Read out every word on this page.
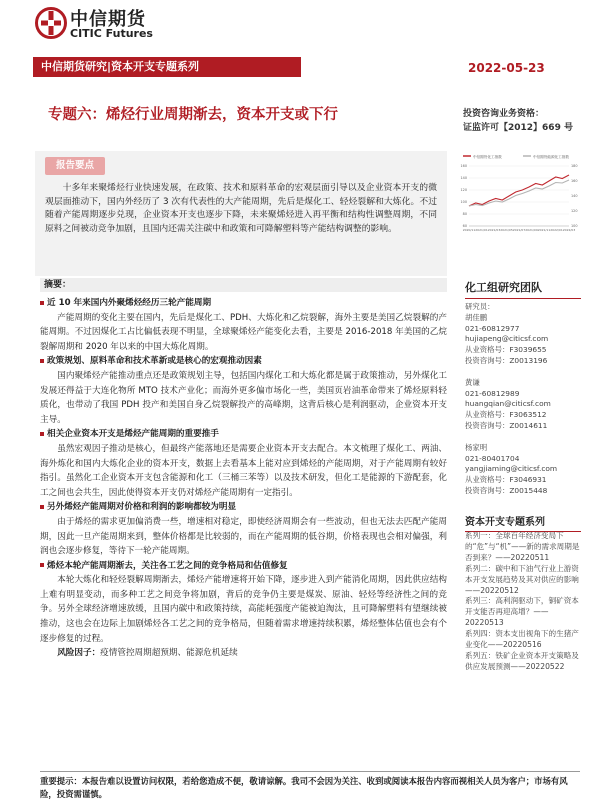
中信期货
CITIC Futures
中信期货研究|资本开支专题系列	2022-05-23
专题六：烯烃行业周期渐去，资本开支或下行	投资咨询业务资格：
证监许可【2012】669 号
报告要点
十多年来聚烯烃行业快速发展，在政策、技术和原料革命的宏观层面引导以及企业资本开支的微观层面推动下，国内外经历了 3 次有代表性的大产能周期，先后是煤化工、轻烃裂解和大炼化。不过随着产能周期逐步兑现，企业资本开支也逐步下降，未来聚烯烃进入再平衡和结构性调整周期，不同原料之间被动竞争加剧，且国内还需关注碳中和政策和可降解塑料等产能结构调整的影响。
中信期货化工指数	中信期货能源化工指数
160
140
120
100
80
60
180
160
140
120
100
2020/11 2021/01 2021/03 2021/05 2021/07 2021/09 2021/11 2022/01 2022/03
摘要：
近 10 年来国内外聚烯烃经历三轮产能周期
产能周期的变化主要在国内，先后是煤化工、PDH、大炼化和乙烷裂解，海外主要是美国乙烷裂解的产能周期。不过因煤化工占比偏低表现不明显，全球聚烯烃产能变化去看，主要是 2016-2018 年美国的乙烷裂解周期和 2020 年以来的中国大炼化周期。
政策规划、原料革命和技术革新或是核心的宏观推动因素
国内聚烯烃产能推动重点还是政策规划主导，包括国内煤化工和大炼化都是属于政策推动，另外煤化工发展还得益于大连化物所 MTO 技术产业化；而海外更多偏市场化一些，美国页岩油革命带来了烯烃原料轻质化，也带动了我国 PDH 投产和美国自身乙烷裂解投产的高峰期，这背后核心是利润驱动，企业资本开支主导。
相关企业资本开支是烯烃产能周期的重要推手
虽然宏观因子推动是核心，但最终产能落地还是需要企业资本开支去配合。本文梳理了煤化工、两油、海外炼化和国内大炼化企业的资本开支，数据上去看基本上能对应到烯烃的产能周期，对于产能周期有较好指引。虽然化工企业资本开支包含能源和化工（三桶三苯等）以及技术研发，但化工是能源的下游配套，化工之间也会共生，因此使得资本开支仍对烯烃产能周期有一定指引。
另外烯烃产能周期对价格和利润的影响都较为明显
由于烯烃的需求更加偏消费一些，增速相对稳定，即使经济周期会有一些波动，但也无法去匹配产能周期，因此一旦产能周期来到，整体价格都是比较弱的，而在产能周期的低谷期，价格表现也会相对偏强，利润也会逐步修复，等待下一轮产能周期。
烯烃本轮产能周期渐去，关注各工艺之间的竞争格局和估值修复
本轮大炼化和轻烃裂解周期渐去，烯烃产能增速将开始下降，逐步进入到产能消化周期，因此供应结构上难有明显变动，而多种工艺之间竞争将加剧，背后的竞争仍主要是煤炭、原油、轻烃等经济性之间的竞争。另外全球经济增速放缓，且国内碳中和政策持续，高能耗强度产能被迫淘汰，且可降解塑料有望继续被推动，这也会在边际上加剧烯烃各工艺之间的竞争格局，但随着需求增速持续积累，烯烃整体估值也会有个逐步修复的过程。
风险因子：疫情管控周期超预期、能源危机延续
化工组研究团队
研究员：
胡佳鹏
021-60812977
hujiapeng@citicsf.com
从业资格号：F3039655
投资咨询号：Z0013196
黄谦
021-60812989
huangqian@citicsf.com
从业资格号：F3063512
投资咨询号：Z0014611
杨家明
021-80401704
yangjiaming@citicsf.com
从业资格号：F3046931
投资咨询号：Z0015448
资本开支专题系列
系列一：全球百年经济变局下的“危”与“机”——新的需求周期是否到来？——20220511
系列二：碳中和下油气行业上游资本开支发展趋势及其对供应的影响——20220512
系列三：高利润驱动下，铜矿资本开支能否再迎高增？——20220513
系列四：资本支出视角下的生猪产业变化——20220516
系列五：铁矿企业资本开支策略及供应发展预测——20220522
重要提示：本报告难以设置访问权限，若给您造成不便，敬请谅解。我司不会因为关注、收到或阅读本报告内容而视相关人员为客户；市场有风险，投资需谨慎。
